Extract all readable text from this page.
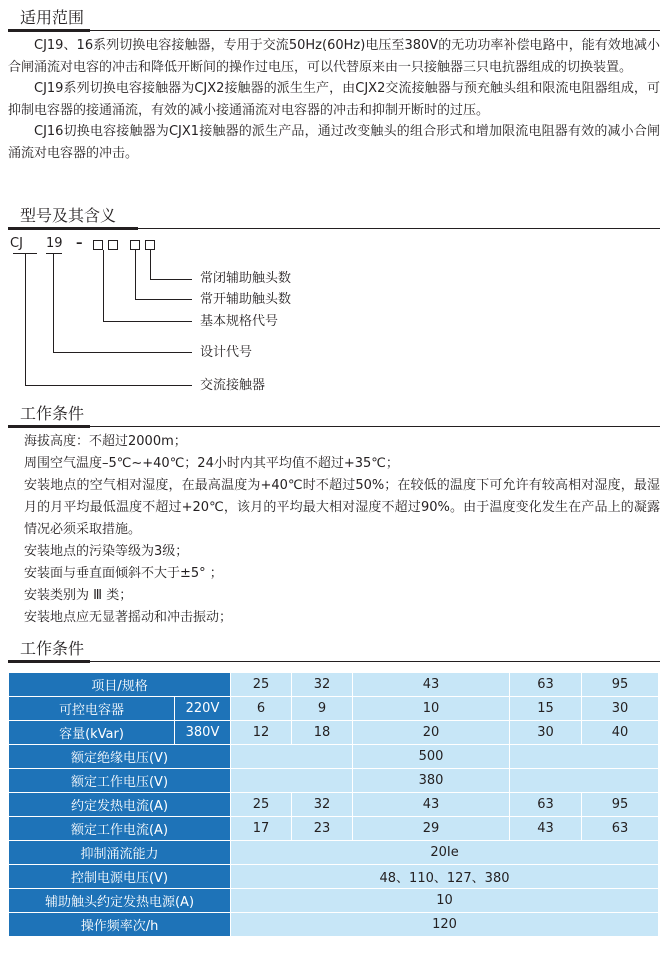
适用范围

CJ19、16系列切换电容接触器，专用于交流50Hz(60Hz)电压至380V的无功功率补偿电路中，能有效地减小合闸涌流对电容的冲击和降低开断间的操作过电压，可以代替原来由一只接触器三只电抗器组成的切换装置。

CJ19系列切换电容接触器为CJX2接触器的派生生产，由CJX2交流接触器与预充触头组和限流电阻器组成，可抑制电容器的接通涌流，有效的减小接通涌流对电容器的冲击和抑制开断时的过压。

CJ16切换电容接触器为CJX1接触器的派生产品，通过改变触头的组合形式和增加限流电阻器有效的减小合闸涌流对电容器的冲击。

型号及其含义
CJ 19 –
常闭辅助触头数
常开辅助触头数
基本规格代号
设计代号
交流接触器
工作条件

海拔高度：不超过2000m；

周围空气温度–5℃~+40℃；24小时内其平均值不超过+35℃；

安装地点的空气相对湿度，在最高温度为+40℃时不超过50%；在较低的温度下可允许有较高相对湿度，最湿月的月平均最低温度不超过+20℃，该月的平均最大相对湿度不超过90%。由于温度变化发生在产品上的凝露情况必须采取措施。

安装地点的污染等级为3级；

安装面与垂直面倾斜不大于±5° ；

安装类别为 Ⅲ 类；

安装地点应无显著摇动和冲击振动；

工作条件
项目/规格		25	32	43	63	95
可控电容器	220V	6	9	10	15	30
容量(kVar)	380V	12	18	20	30	40
额定绝缘电压(V)				500		
额定工作电压(V)				380		
约定发热电流(A)		25	32	43	63	95
额定工作电流(A)		17	23	29	43	63
抑制涌流能力		20Ie				
控制电源电压(V)		48、110、127、380				
辅助触头约定发热电源(A)		10				
操作频率次/h		120				
